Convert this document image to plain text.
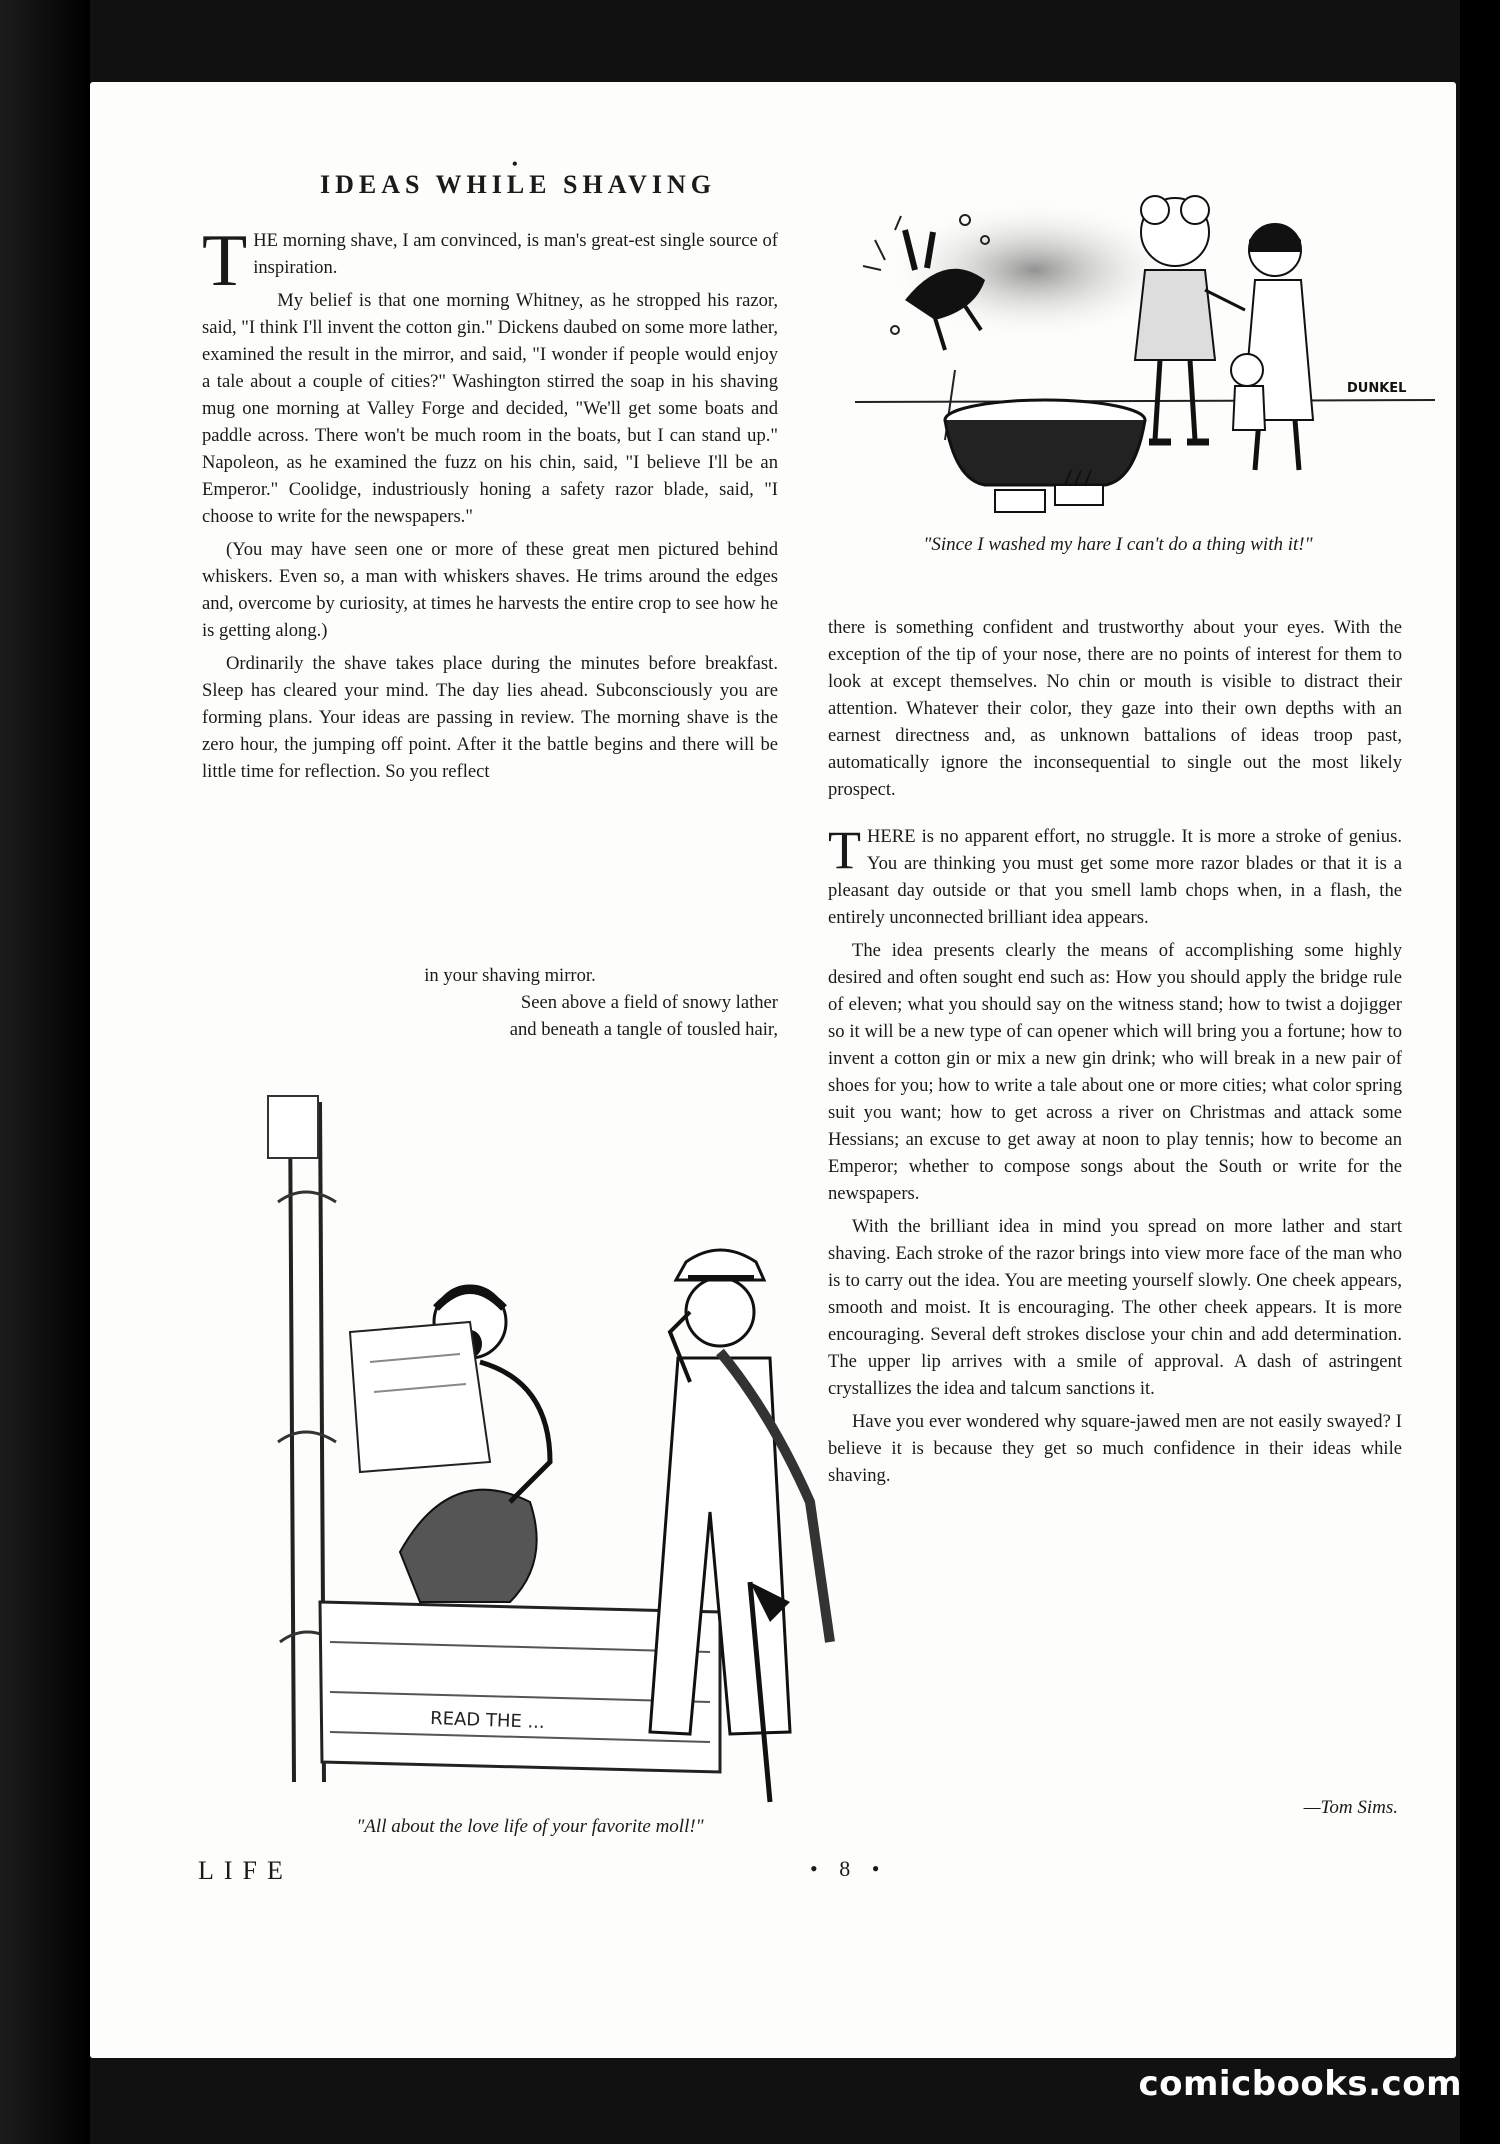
•
IDEAS WHILE SHAVING

THE morning shave, I am convinced, is man's great-est single source of inspiration.

My belief is that one morning Whitney, as he stropped his razor, said, "I think I'll invent the cotton gin." Dickens daubed on some more lather, examined the result in the mirror, and said, "I wonder if people would enjoy a tale about a couple of cities?" Washington stirred the soap in his shaving mug one morning at Valley Forge and decided, "We'll get some boats and paddle across. There won't be much room in the boats, but I can stand up." Napoleon, as he examined the fuzz on his chin, said, "I believe I'll be an Emperor." Coolidge, industriously honing a safety razor blade, said, "I choose to write for the newspapers."

(You may have seen one or more of these great men pictured behind whiskers. Even so, a man with whiskers shaves. He trims around the edges and, overcome by curiosity, at times he harvests the entire crop to see how he is getting along.)

Ordinarily the shave takes place during the minutes before breakfast. Sleep has cleared your mind. The day lies ahead. Subconsciously you are forming plans. Your ideas are passing in review. The morning shave is the zero hour, the jumping off point. After it the battle begins and there will be little time for reflection. So you reflect

in your shaving mirror.
Seen above a field of snowy lather
and beneath a tangle of tousled hair,
DUNKEL
"Since I washed my hare I can't do a thing with it!"

there is something confident and trustworthy about your eyes. With the exception of the tip of your nose, there are no points of interest for them to look at except themselves. No chin or mouth is visible to distract their attention. Whatever their color, they gaze into their own depths with an earnest directness and, as unknown battalions of ideas troop past, automatically ignore the inconsequential to single out the most likely prospect.

THERE is no apparent effort, no struggle. It is more a stroke of genius. You are thinking you must get some more razor blades or that it is a pleasant day outside or that you smell lamb chops when, in a flash, the entirely unconnected brilliant idea appears.

The idea presents clearly the means of accomplishing some highly desired and often sought end such as: How you should apply the bridge rule of eleven; what you should say on the witness stand; how to twist a dojigger so it will be a new type of can opener which will bring you a fortune; how to invent a cotton gin or mix a new gin drink; who will break in a new pair of shoes for you; how to write a tale about one or more cities; what color spring suit you want; how to get across a river on Christmas and attack some Hessians; an excuse to get away at noon to play tennis; how to become an Emperor; whether to compose songs about the South or write for the newspapers.

With the brilliant idea in mind you spread on more lather and start shaving. Each stroke of the razor brings into view more face of the man who is to carry out the idea. You are meeting yourself slowly. One cheek appears, smooth and moist. It is encouraging. The other cheek appears. It is more encouraging. Several deft strokes disclose your chin and add determination. The upper lip arrives with a smile of approval. A dash of astringent crystallizes the idea and talcum sanctions it.

Have you ever wondered why square-jawed men are not easily swayed? I believe it is because they get so much confidence in their ideas while shaving.

—Tom Sims.
READ THE ...
"All about the love life of your favorite moll!"
LIFE	• 8 •
comicbooks.com
